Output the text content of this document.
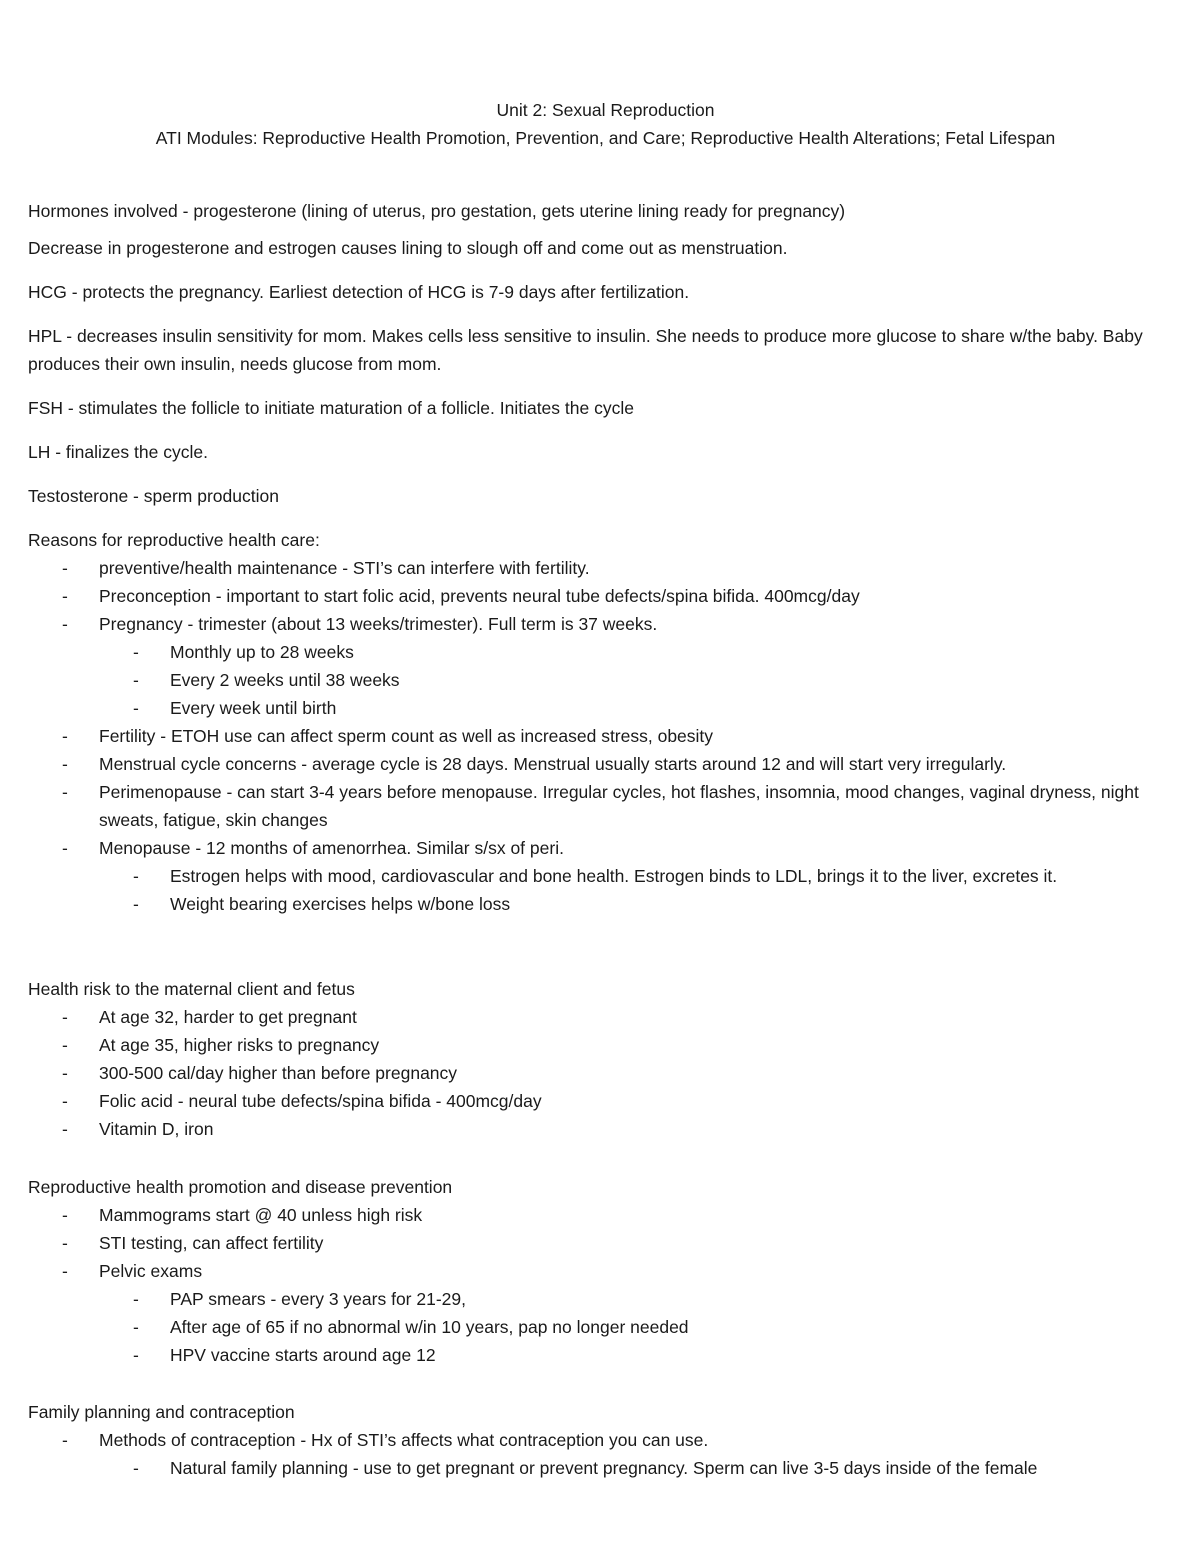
Unit 2: Sexual Reproduction
ATI Modules: Reproductive Health Promotion, Prevention, and Care; Reproductive Health Alterations; Fetal Lifespan
Hormones involved - progesterone (lining of uterus, pro gestation, gets uterine lining ready for pregnancy)
Decrease in progesterone and estrogen causes lining to slough off and come out as menstruation.
HCG - protects the pregnancy. Earliest detection of HCG is 7-9 days after fertilization.
HPL - decreases insulin sensitivity for mom. Makes cells less sensitive to insulin. She needs to produce more glucose to share w/the baby. Baby produces their own insulin, needs glucose from mom.
FSH - stimulates the follicle to initiate maturation of a follicle. Initiates the cycle
LH - finalizes the cycle.
Testosterone - sperm production
Reasons for reproductive health care:
- preventive/health maintenance - STI’s can interfere with fertility.
- Preconception - important to start folic acid, prevents neural tube defects/spina bifida. 400mcg/day
- Pregnancy - trimester (about 13 weeks/trimester). Full term is 37 weeks.
- Monthly up to 28 weeks
- Every 2 weeks until 38 weeks
- Every week until birth
- Fertility - ETOH use can affect sperm count as well as increased stress, obesity
- Menstrual cycle concerns - average cycle is 28 days. Menstrual usually starts around 12 and will start very irregularly.
- Perimenopause - can start 3-4 years before menopause. Irregular cycles, hot flashes, insomnia, mood changes, vaginal dryness, night sweats, fatigue, skin changes
- Menopause - 12 months of amenorrhea. Similar s/sx of peri.
- Estrogen helps with mood, cardiovascular and bone health. Estrogen binds to LDL, brings it to the liver, excretes it.
- Weight bearing exercises helps w/bone loss
Health risk to the maternal client and fetus
- At age 32, harder to get pregnant
- At age 35, higher risks to pregnancy
- 300-500 cal/day higher than before pregnancy
- Folic acid - neural tube defects/spina bifida - 400mcg/day
- Vitamin D, iron
Reproductive health promotion and disease prevention
- Mammograms start @ 40 unless high risk
- STI testing, can affect fertility
- Pelvic exams
- PAP smears - every 3 years for 21-29,
- After age of 65 if no abnormal w/in 10 years, pap no longer needed
- HPV vaccine starts around age 12
Family planning and contraception
- Methods of contraception - Hx of STI’s affects what contraception you can use.
- Natural family planning - use to get pregnant or prevent pregnancy. Sperm can live 3-5 days inside of the female
